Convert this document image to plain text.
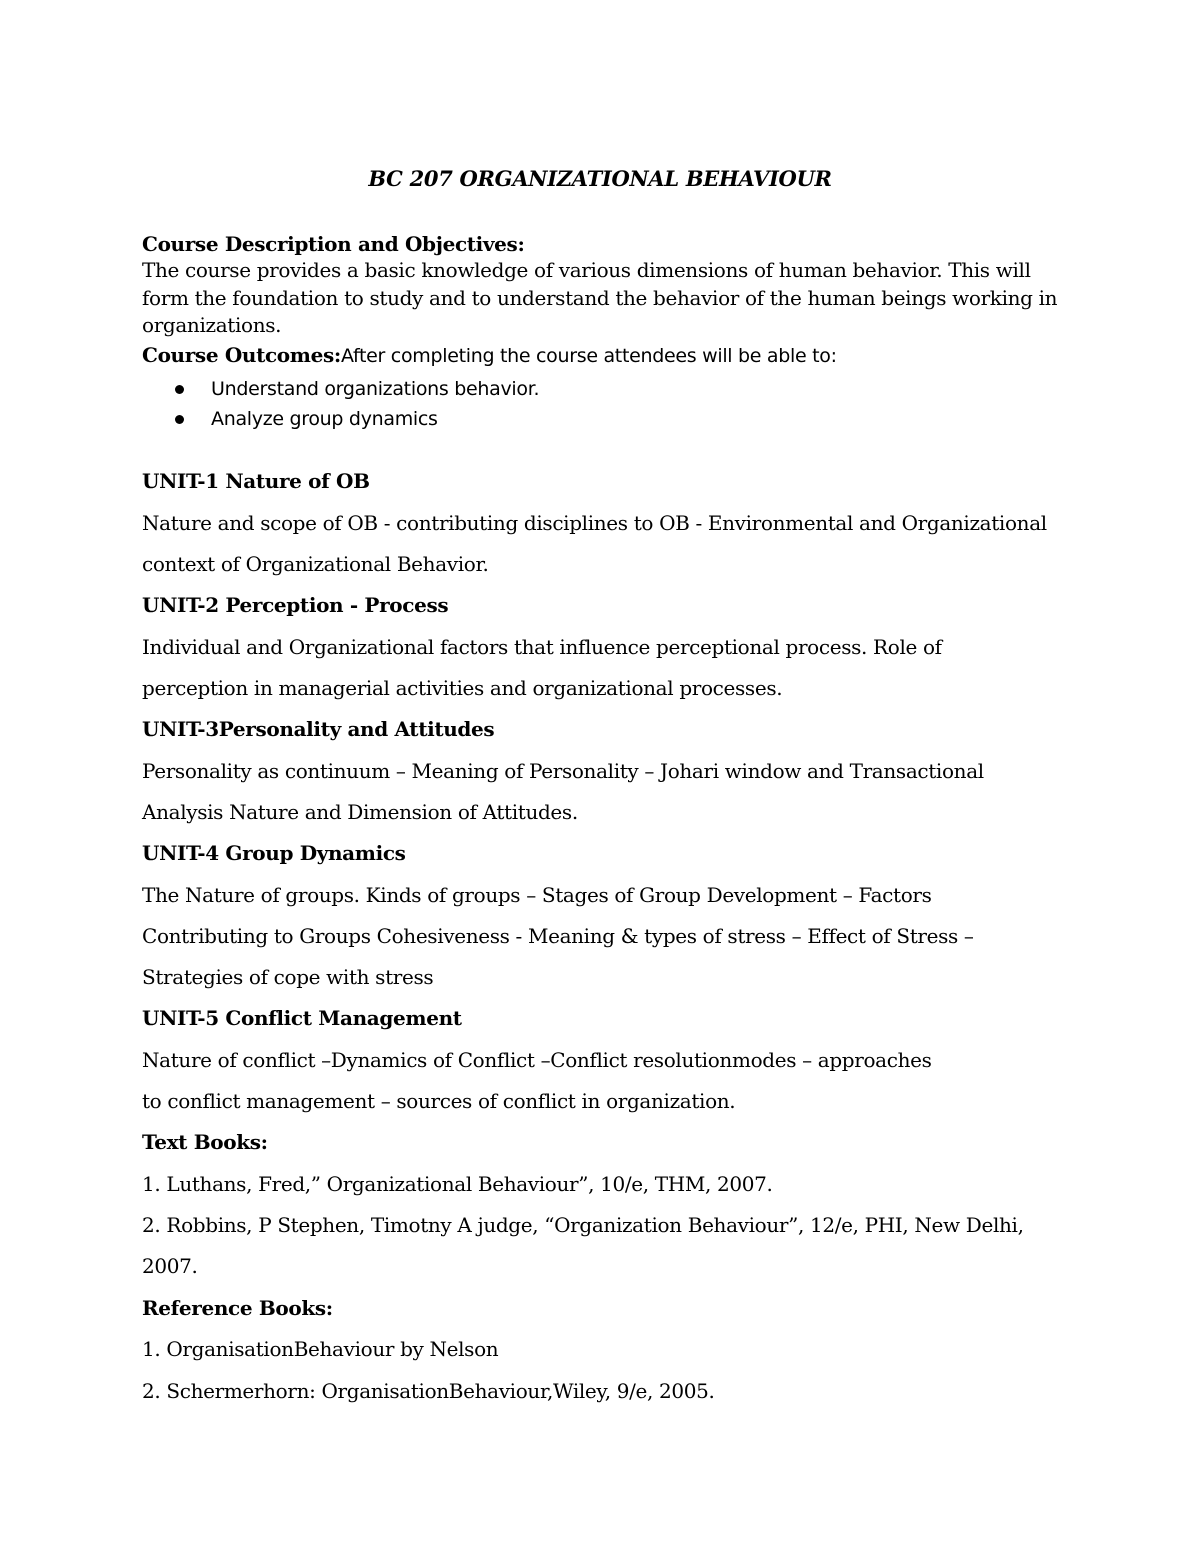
BC 207 ORGANIZATIONAL BEHAVIOUR
Course Description and Objectives:
The course provides a basic knowledge of various dimensions of human behavior. This will form the foundation to study and to understand the behavior of the human beings working in organizations.
Course Outcomes:After completing the course attendees will be able to:
Understand organizations behavior.
Analyze group dynamics
UNIT-1 Nature of OB
Nature and scope of OB - contributing disciplines to OB - Environmental and Organizational
context of Organizational Behavior.
UNIT-2 Perception - Process
Individual and Organizational factors that influence perceptional process. Role of
perception in managerial activities and organizational processes.
UNIT-3Personality and Attitudes
Personality as continuum – Meaning of Personality – Johari window and Transactional
Analysis Nature and Dimension of Attitudes.
UNIT-4 Group Dynamics
The Nature of groups. Kinds of groups – Stages of Group Development – Factors
Contributing to Groups Cohesiveness - Meaning & types of stress – Effect of Stress –
Strategies of cope with stress
UNIT-5 Conflict Management
Nature of conflict –Dynamics of Conflict –Conflict resolutionmodes – approaches
to conflict management – sources of conflict in organization.
Text Books:
1. Luthans, Fred,” Organizational Behaviour”, 10/e, THM, 2007.
2. Robbins, P Stephen, Timotny A judge, “Organization Behaviour”, 12/e, PHI, New Delhi,
2007.
Reference Books:
1. OrganisationBehaviour by Nelson
2. Schermerhorn: OrganisationBehaviour,Wiley, 9/e, 2005.
